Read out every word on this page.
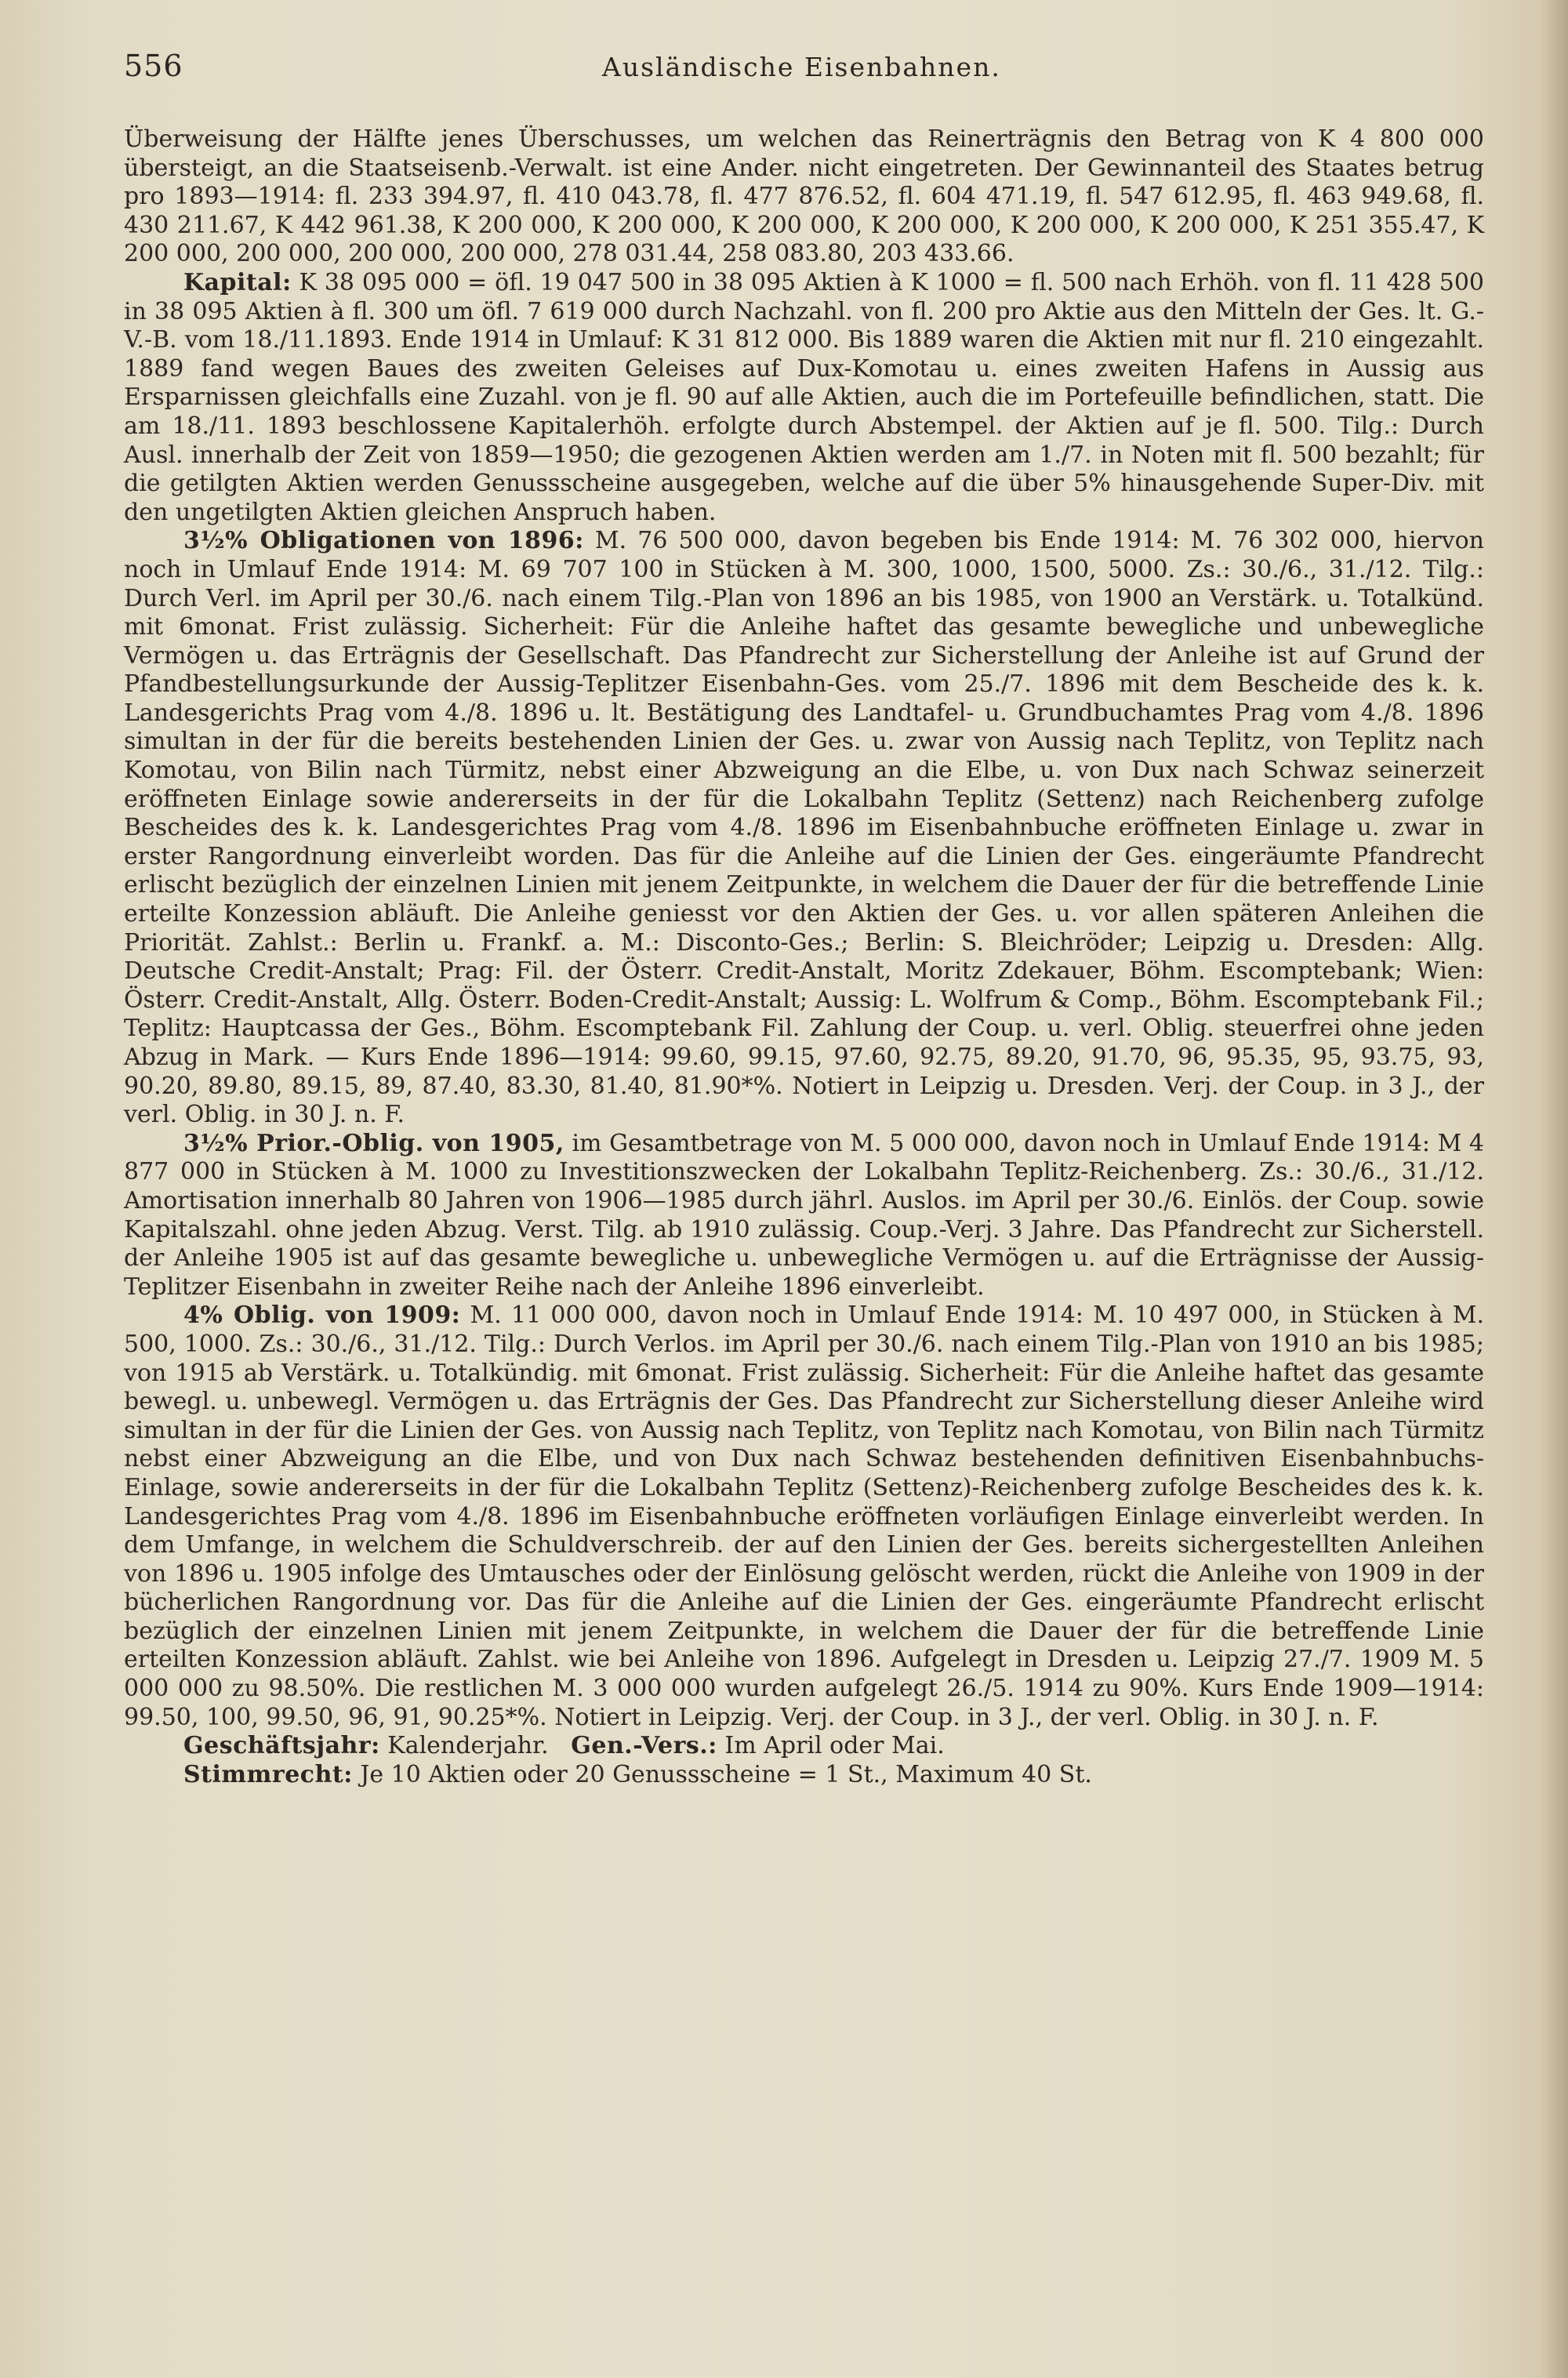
556	Ausländische Eisenbahnen.

Überweisung der Hälfte jenes Überschusses, um welchen das Reinerträgnis den Betrag von K 4 800 000 übersteigt, an die Staatseisenb.-Verwalt. ist eine Ander. nicht eingetreten. Der Gewinnanteil des Staates betrug pro 1893—1914: fl. 233 394.97, fl. 410 043.78, fl. 477 876.52, fl. 604 471.19, fl. 547 612.95, fl. 463 949.68, fl. 430 211.67, K 442 961.38, K 200 000, K 200 000, K 200 000, K 200 000, K 200 000, K 200 000, K 251 355.47, K 200 000, 200 000, 200 000, 200 000, 278 031.44, 258 083.80, 203 433.66.

Kapital: K 38 095 000 = öfl. 19 047 500 in 38 095 Aktien à K 1000 = fl. 500 nach Erhöh. von fl. 11 428 500 in 38 095 Aktien à fl. 300 um öfl. 7 619 000 durch Nachzahl. von fl. 200 pro Aktie aus den Mitteln der Ges. lt. G.-V.-B. vom 18./11.1893. Ende 1914 in Umlauf: K 31 812 000. Bis 1889 waren die Aktien mit nur fl. 210 eingezahlt. 1889 fand wegen Baues des zweiten Geleises auf Dux-Komotau u. eines zweiten Hafens in Aussig aus Ersparnissen gleichfalls eine Zuzahl. von je fl. 90 auf alle Aktien, auch die im Portefeuille befindlichen, statt. Die am 18./11. 1893 beschlossene Kapitalerhöh. erfolgte durch Abstempel. der Aktien auf je fl. 500. Tilg.: Durch Ausl. innerhalb der Zeit von 1859—1950; die gezogenen Aktien werden am 1./7. in Noten mit fl. 500 bezahlt; für die getilgten Aktien werden Genussscheine ausgegeben, welche auf die über 5% hinausgehende Super-Div. mit den ungetilgten Aktien gleichen Anspruch haben.

3½% Obligationen von 1896: M. 76 500 000, davon begeben bis Ende 1914: M. 76 302 000, hiervon noch in Umlauf Ende 1914: M. 69 707 100 in Stücken à M. 300, 1000, 1500, 5000. Zs.: 30./6., 31./12. Tilg.: Durch Verl. im April per 30./6. nach einem Tilg.-Plan von 1896 an bis 1985, von 1900 an Verstärk. u. Totalkünd. mit 6monat. Frist zulässig. Sicherheit: Für die Anleihe haftet das gesamte bewegliche und unbewegliche Vermögen u. das Erträgnis der Gesellschaft. Das Pfandrecht zur Sicherstellung der Anleihe ist auf Grund der Pfandbestellungsurkunde der Aussig-Teplitzer Eisenbahn-Ges. vom 25./7. 1896 mit dem Bescheide des k. k. Landesgerichts Prag vom 4./8. 1896 u. lt. Bestätigung des Landtafel- u. Grundbuchamtes Prag vom 4./8. 1896 simultan in der für die bereits bestehenden Linien der Ges. u. zwar von Aussig nach Teplitz, von Teplitz nach Komotau, von Bilin nach Türmitz, nebst einer Abzweigung an die Elbe, u. von Dux nach Schwaz seinerzeit eröffneten Einlage sowie andererseits in der für die Lokalbahn Teplitz (Settenz) nach Reichenberg zufolge Bescheides des k. k. Landesgerichtes Prag vom 4./8. 1896 im Eisenbahnbuche eröffneten Einlage u. zwar in erster Rangordnung einverleibt worden. Das für die Anleihe auf die Linien der Ges. eingeräumte Pfandrecht erlischt bezüglich der einzelnen Linien mit jenem Zeitpunkte, in welchem die Dauer der für die betreffende Linie erteilte Konzession abläuft. Die Anleihe geniesst vor den Aktien der Ges. u. vor allen späteren Anleihen die Priorität. Zahlst.: Berlin u. Frankf. a. M.: Disconto-Ges.; Berlin: S. Bleichröder; Leipzig u. Dresden: Allg. Deutsche Credit-Anstalt; Prag: Fil. der Österr. Credit-Anstalt, Moritz Zdekauer, Böhm. Escomptebank; Wien: Österr. Credit-Anstalt, Allg. Österr. Boden-Credit-Anstalt; Aussig: L. Wolfrum & Comp., Böhm. Escomptebank Fil.; Teplitz: Hauptcassa der Ges., Böhm. Escomptebank Fil. Zahlung der Coup. u. verl. Oblig. steuerfrei ohne jeden Abzug in Mark. — Kurs Ende 1896—1914: 99.60, 99.15, 97.60, 92.75, 89.20, 91.70, 96, 95.35, 95, 93.75, 93, 90.20, 89.80, 89.15, 89, 87.40, 83.30, 81.40, 81.90*%. Notiert in Leipzig u. Dresden. Verj. der Coup. in 3 J., der verl. Oblig. in 30 J. n. F.

3½% Prior.-Oblig. von 1905, im Gesamtbetrage von M. 5 000 000, davon noch in Umlauf Ende 1914: M 4 877 000 in Stücken à M. 1000 zu Investitionszwecken der Lokalbahn Teplitz-Reichenberg. Zs.: 30./6., 31./12. Amortisation innerhalb 80 Jahren von 1906—1985 durch jährl. Auslos. im April per 30./6. Einlös. der Coup. sowie Kapitalszahl. ohne jeden Abzug. Verst. Tilg. ab 1910 zulässig. Coup.-Verj. 3 Jahre. Das Pfandrecht zur Sicherstell. der Anleihe 1905 ist auf das gesamte bewegliche u. unbewegliche Vermögen u. auf die Erträgnisse der Aussig-Teplitzer Eisenbahn in zweiter Reihe nach der Anleihe 1896 einverleibt.

4% Oblig. von 1909: M. 11 000 000, davon noch in Umlauf Ende 1914: M. 10 497 000, in Stücken à M. 500, 1000. Zs.: 30./6., 31./12. Tilg.: Durch Verlos. im April per 30./6. nach einem Tilg.-Plan von 1910 an bis 1985; von 1915 ab Verstärk. u. Totalkündig. mit 6monat. Frist zulässig. Sicherheit: Für die Anleihe haftet das gesamte bewegl. u. unbewegl. Vermögen u. das Erträgnis der Ges. Das Pfandrecht zur Sicherstellung dieser Anleihe wird simultan in der für die Linien der Ges. von Aussig nach Teplitz, von Teplitz nach Komotau, von Bilin nach Türmitz nebst einer Abzweigung an die Elbe, und von Dux nach Schwaz bestehenden definitiven Eisenbahnbuchs-Einlage, sowie andererseits in der für die Lokalbahn Teplitz (Settenz)-Reichenberg zufolge Bescheides des k. k. Landesgerichtes Prag vom 4./8. 1896 im Eisenbahnbuche eröffneten vorläufigen Einlage einverleibt werden. In dem Umfange, in welchem die Schuldverschreib. der auf den Linien der Ges. bereits sichergestellten Anleihen von 1896 u. 1905 infolge des Umtausches oder der Einlösung gelöscht werden, rückt die Anleihe von 1909 in der bücherlichen Rangordnung vor. Das für die Anleihe auf die Linien der Ges. eingeräumte Pfandrecht erlischt bezüglich der einzelnen Linien mit jenem Zeitpunkte, in welchem die Dauer der für die betreffende Linie erteilten Konzession abläuft. Zahlst. wie bei Anleihe von 1896. Aufgelegt in Dresden u. Leipzig 27./7. 1909 M. 5 000 000 zu 98.50%. Die restlichen M. 3 000 000 wurden aufgelegt 26./5. 1914 zu 90%. Kurs Ende 1909—1914: 99.50, 100, 99.50, 96, 91, 90.25*%. Notiert in Leipzig. Verj. der Coup. in 3 J., der verl. Oblig. in 30 J. n. F.

Geschäftsjahr: Kalenderjahr. Gen.-Vers.: Im April oder Mai.

Stimmrecht: Je 10 Aktien oder 20 Genussscheine = 1 St., Maximum 40 St.
